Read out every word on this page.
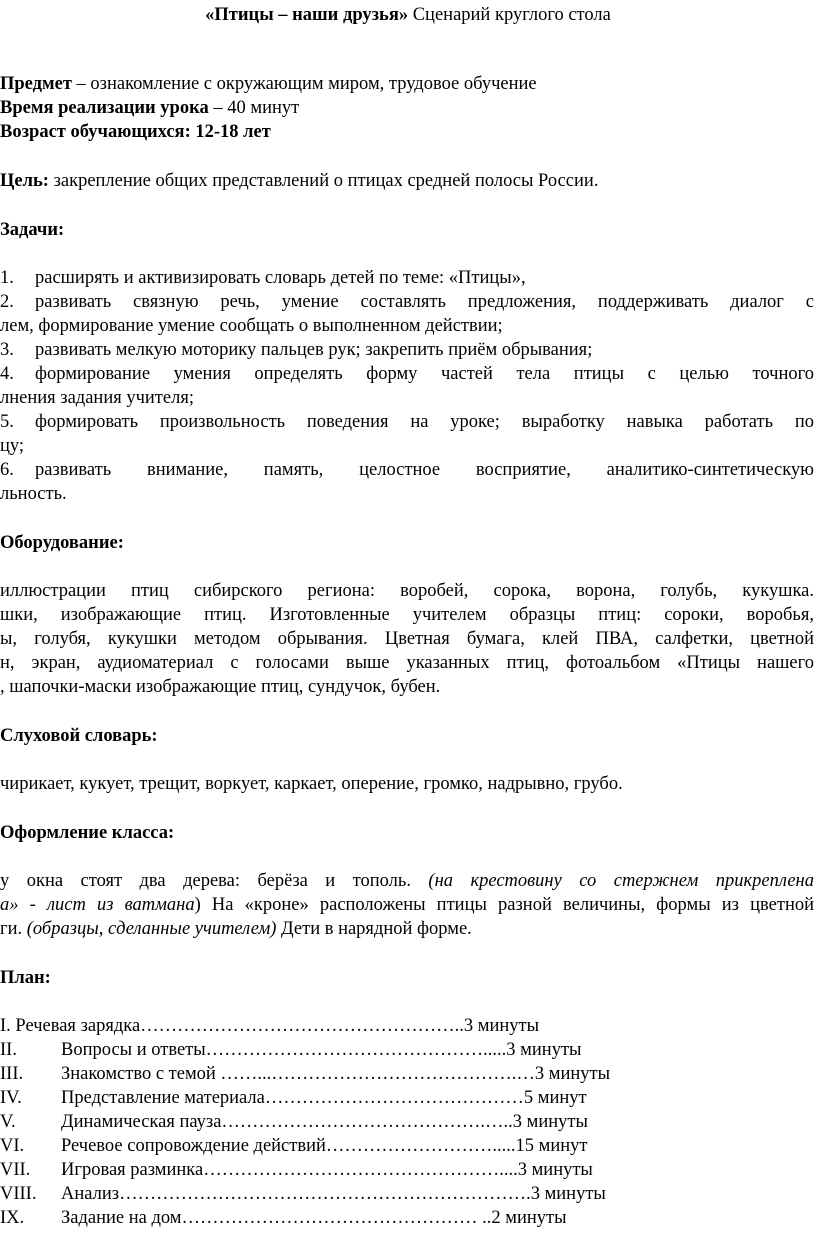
«Птицы – наши друзья» Сценарий круглого стола
Предмет – ознакомление с окружающим миром, трудовое обучение
Время реализации урока – 40 минут
Возраст обучающихся: 12-18 лет
Цель: закрепление общих представлений о птицах средней полосы России.
Задачи:
1. расширять и активизировать словарь детей по теме: «Птицы»,
2. развивать связную речь, умение составлять предложения, поддерживать диалог с
лем, формирование умение сообщать о выполненном действии;
3. развивать мелкую моторику пальцев рук; закрепить приём обрывания;
4. формирование умения определять форму частей тела птицы с целью точного
лнения задания учителя;
5. формировать произвольность поведения на уроке; выработку навыка работать по
цу;
6. развивать внимание, память, целостное восприятие, аналитико-синтетическую
льность.
Оборудование:
иллюстрации птиц сибирского региона: воробей, сорока, ворона, голубь, кукушка.
шки, изображающие птиц. Изготовленные учителем образцы птиц: сороки, воробья,
ы, голубя, кукушки методом обрывания. Цветная бумага, клей ПВА, салфетки, цветной
н, экран, аудиоматериал с голосами выше указанных птиц, фотоальбом «Птицы нашего
, шапочки-маски изображающие птиц, сундучок, бубен.
Слуховой словарь:
чирикает, кукует, трещит, воркует, каркает, оперение, громко, надрывно, грубо.
Оформление класса:
у окна стоят два дерева: берёза и тополь. (на крестовину со стержнем прикреплена
а» - лист из ватмана) На «кроне» расположены птицы разной величины, формы из цветной
ги. (образцы, сделанные учителем) Дети в нарядной форме.
План:
I. Речевая зарядка……………………………………………..3 минуты
II. Вопросы и ответы……………………………………….....3 минуты
III. Знакомство с темой ……...………………………………….…3 минуты
IV. Представление материала……………………………………5 минут
V. Динамическая пауза…………………………………….…..3 минуты
VI. Речевое сопровождение действий……………………….....15 минут
VII. Игровая разминка…………………………………………....3 минуты
VIII. Анализ………………………………………………………….3 минуты
IX. Задание на дом………………………………………… ..2 минуты
